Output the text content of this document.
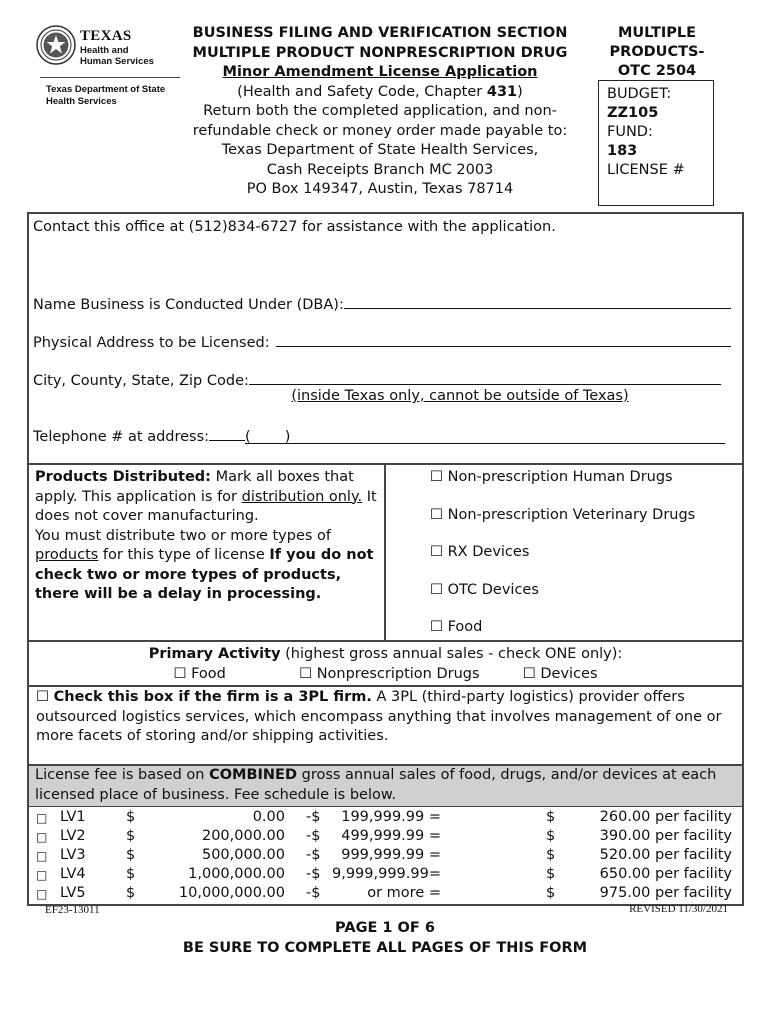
TEXAS
Health and Human Services
Texas Department of State Health Services
BUSINESS FILING AND VERIFICATION SECTION
MULTIPLE PRODUCT NONPRESCRIPTION DRUG
Minor Amendment License Application
(Health and Safety Code, Chapter 431)
Return both the completed application, and non-
refundable check or money order made payable to:
Texas Department of State Health Services,
Cash Receipts Branch MC 2003
PO Box 149347, Austin, Texas 78714
MULTIPLE
PRODUCTS-
OTC 2504
BUDGET:
ZZ105
FUND:
183
LICENSE #
Contact this office at (512)834-6727 for assistance with the application.
Name Business is Conducted Under (DBA):
Physical Address to be Licensed:
City, County, State, Zip Code:
(inside Texas only, cannot be outside of Texas)
Telephone # at address: ( )
Products Distributed: Mark all boxes that apply. This application is for distribution only. It does not cover manufacturing.
You must distribute two or more types of products for this type of license If you do not check two or more types of products, there will be a delay in processing.
☐ Non-prescription Human Drugs
☐ Non-prescription Veterinary Drugs
☐ RX Devices
☐ OTC Devices
☐ Food
Primary Activity (highest gross annual sales - check ONE only):
☐ Food	☐ Nonprescription Drugs	☐ Devices
☐ Check this box if the firm is a 3PL firm. A 3PL (third-party logistics) provider offers outsourced logistics services, which encompass anything that involves management of one or more facets of storing and/or shipping activities.
License fee is based on COMBINED gross annual sales of food, drugs, and/or devices at each licensed place of business. Fee schedule is below.
□ LV1	$	0.00 -$	199,999.99 =	$	260.00 per facility
□ LV2	$	200,000.00 -$	499,999.99 =	$	390.00 per facility
□ LV3	$	500,000.00 -$	999,999.99 =	$	520.00 per facility
□ LV4	$	1,000,000.00 -$ 9,999,999.99=	$	650.00 per facility
□ LV5	$	10,000,000.00 -$	or more =	$	975.00 per facility
EF23-13011	REVISED 11/30/2021
PAGE 1 OF 6
BE SURE TO COMPLETE ALL PAGES OF THIS FORM
